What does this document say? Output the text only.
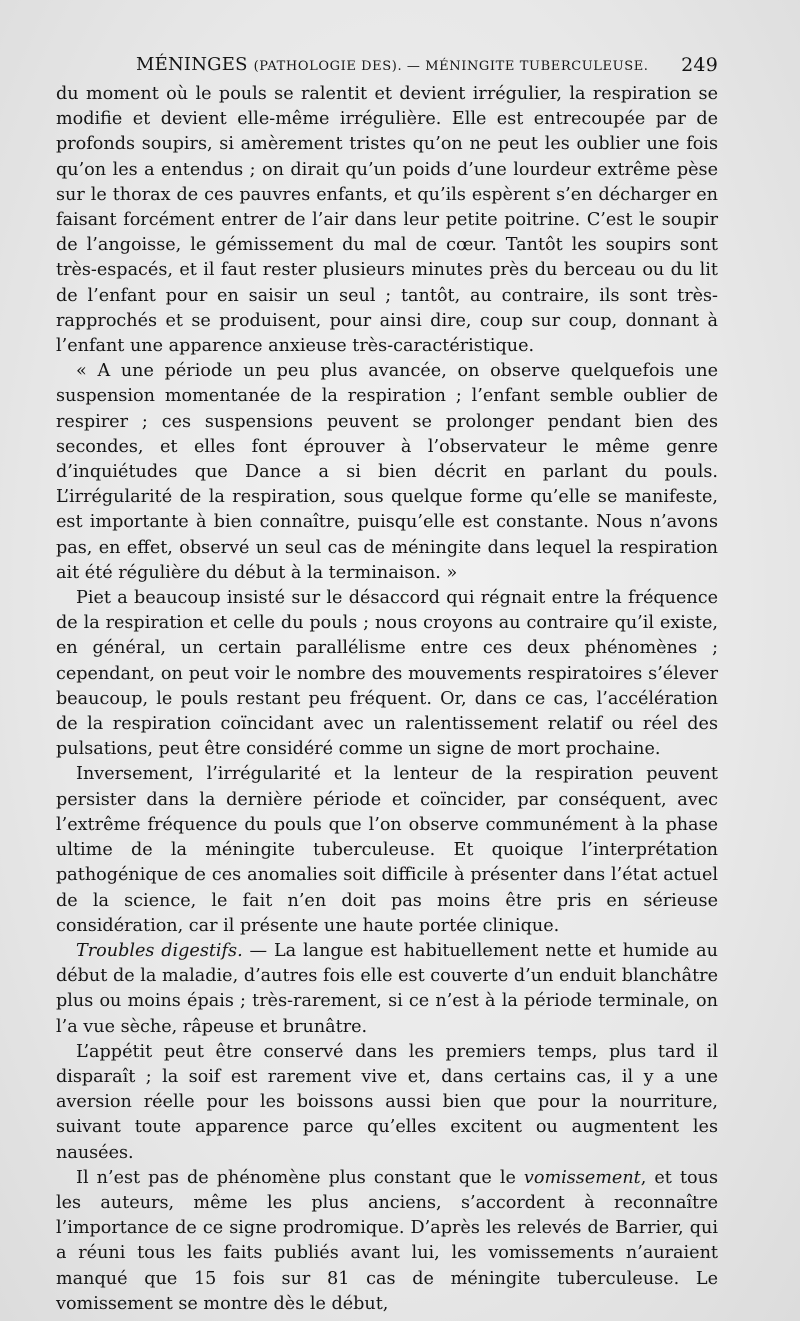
MÉNINGES (PATHOLOGIE DES). — MÉNINGITE TUBERCULEUSE. 249

du moment où le pouls se ralentit et devient irrégulier, la respiration se modifie et devient elle-même irrégulière. Elle est entrecoupée par de profonds soupirs, si amèrement tristes qu’on ne peut les oublier une fois qu’on les a entendus ; on dirait qu’un poids d’une lourdeur extrême pèse sur le thorax de ces pauvres enfants, et qu’ils espèrent s’en décharger en faisant forcément entrer de l’air dans leur petite poitrine. C’est le soupir de l’angoisse, le gémissement du mal de cœur. Tantôt les soupirs sont très-espacés, et il faut rester plusieurs minutes près du berceau ou du lit de l’enfant pour en saisir un seul ; tantôt, au contraire, ils sont très-rapprochés et se produisent, pour ainsi dire, coup sur coup, donnant à l’enfant une apparence anxieuse très-caractéristique.

« A une période un peu plus avancée, on observe quelquefois une suspension momentanée de la respiration ; l’enfant semble oublier de respirer ; ces suspensions peuvent se prolonger pendant bien des secondes, et elles font éprouver à l’observateur le même genre d’inquiétudes que Dance a si bien décrit en parlant du pouls. L’irrégularité de la respiration, sous quelque forme qu’elle se manifeste, est importante à bien connaître, puisqu’elle est constante. Nous n’avons pas, en effet, observé un seul cas de méningite dans lequel la respiration ait été régulière du début à la terminaison. »

Piet a beaucoup insisté sur le désaccord qui régnait entre la fréquence de la respiration et celle du pouls ; nous croyons au contraire qu’il existe, en général, un certain parallélisme entre ces deux phénomènes ; cependant, on peut voir le nombre des mouvements respiratoires s’élever beaucoup, le pouls restant peu fréquent. Or, dans ce cas, l’accélération de la respiration coïncidant avec un ralentissement relatif ou réel des pulsations, peut être considéré comme un signe de mort prochaine.

Inversement, l’irrégularité et la lenteur de la respiration peuvent persister dans la dernière période et coïncider, par conséquent, avec l’extrême fréquence du pouls que l’on observe communément à la phase ultime de la méningite tuberculeuse. Et quoique l’interprétation pathogénique de ces anomalies soit difficile à présenter dans l’état actuel de la science, le fait n’en doit pas moins être pris en sérieuse considération, car il présente une haute portée clinique.

Troubles digestifs. — La langue est habituellement nette et humide au début de la maladie, d’autres fois elle est couverte d’un enduit blanchâtre plus ou moins épais ; très-rarement, si ce n’est à la période terminale, on l’a vue sèche, râpeuse et brunâtre.

L’appétit peut être conservé dans les premiers temps, plus tard il disparaît ; la soif est rarement vive et, dans certains cas, il y a une aversion réelle pour les boissons aussi bien que pour la nourriture, suivant toute apparence parce qu’elles excitent ou augmentent les nausées.

Il n’est pas de phénomène plus constant que le vomissement, et tous les auteurs, même les plus anciens, s’accordent à reconnaître l’importance de ce signe prodromique. D’après les relevés de Barrier, qui a réuni tous les faits publiés avant lui, les vomissements n’auraient manqué que 15 fois sur 81 cas de méningite tuberculeuse. Le vomissement se montre dès le début,
